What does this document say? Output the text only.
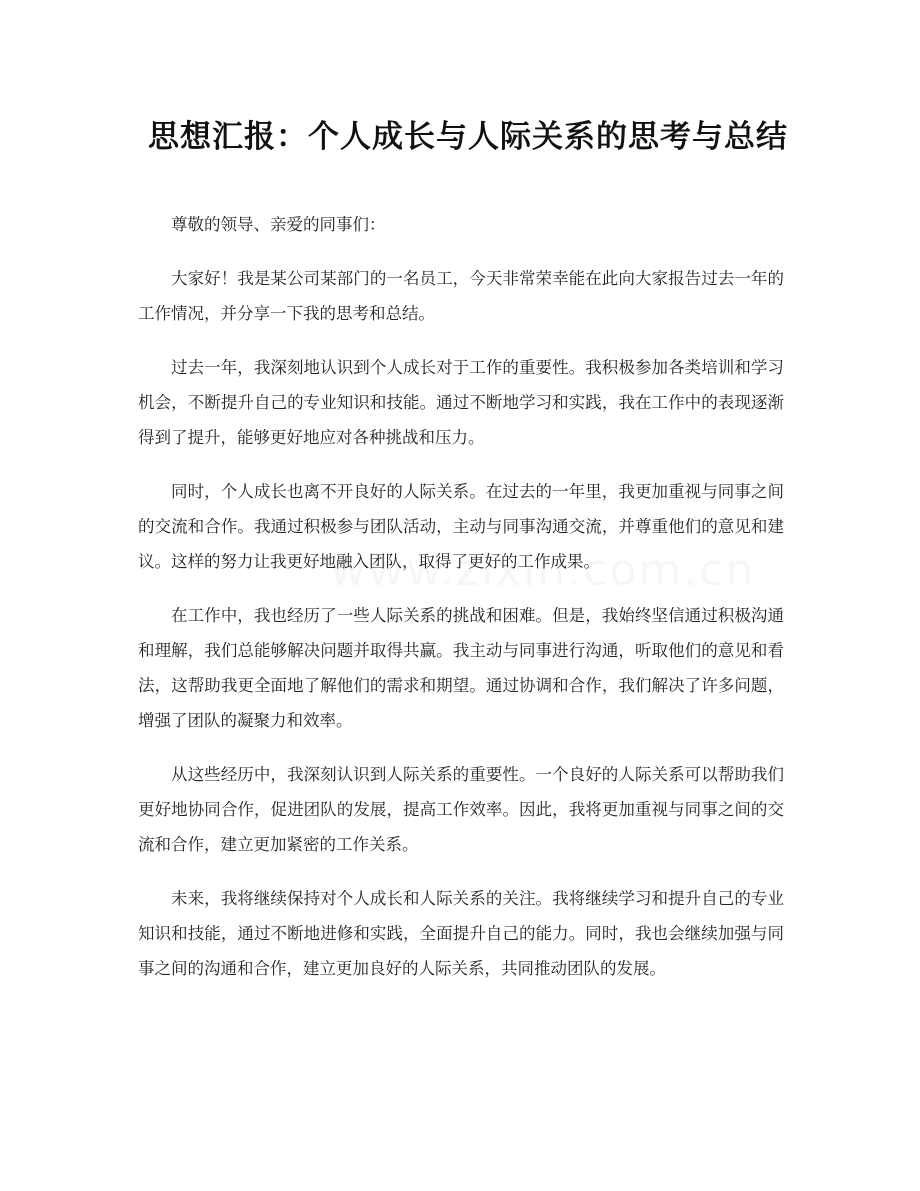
思想汇报：个人成长与人际关系的思考与总结

尊敬的领导、亲爱的同事们：

大家好！我是某公司某部门的一名员工，今天非常荣幸能在此向大家报告过去一年的工作情况，并分享一下我的思考和总结。

过去一年，我深刻地认识到个人成长对于工作的重要性。我积极参加各类培训和学习机会，不断提升自己的专业知识和技能。通过不断地学习和实践，我在工作中的表现逐渐得到了提升，能够更好地应对各种挑战和压力。

同时，个人成长也离不开良好的人际关系。在过去的一年里，我更加重视与同事之间的交流和合作。我通过积极参与团队活动，主动与同事沟通交流，并尊重他们的意见和建议。这样的努力让我更好地融入团队，取得了更好的工作成果。

在工作中，我也经历了一些人际关系的挑战和困难。但是，我始终坚信通过积极沟通和理解，我们总能够解决问题并取得共赢。我主动与同事进行沟通，听取他们的意见和看法，这帮助我更全面地了解他们的需求和期望。通过协调和合作，我们解决了许多问题，增强了团队的凝聚力和效率。

从这些经历中，我深刻认识到人际关系的重要性。一个良好的人际关系可以帮助我们更好地协同合作，促进团队的发展，提高工作效率。因此，我将更加重视与同事之间的交流和合作，建立更加紧密的工作关系。

未来，我将继续保持对个人成长和人际关系的关注。我将继续学习和提升自己的专业知识和技能，通过不断地进修和实践，全面提升自己的能力。同时，我也会继续加强与同事之间的沟通和合作，建立更加良好的人际关系，共同推动团队的发展。
